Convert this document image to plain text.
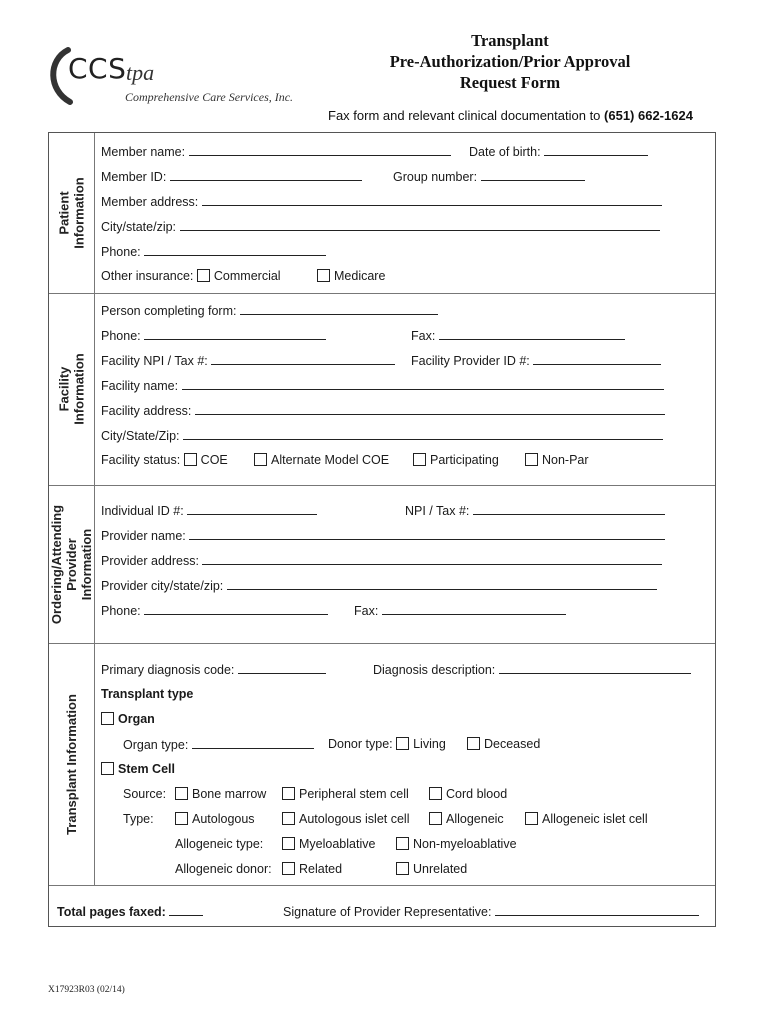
CCS tpa
Comprehensive Care Services, Inc.
Transplant
Pre-Authorization/Prior Approval
Request Form
Fax form and relevant clinical documentation to (651) 662-1624
Patient Information
Facility Information
Ordering/Attending Provider Information
Transplant Information
Member name:	Date of birth:
Member ID:	Group number:
Member address:
City/state/zip:
Phone:
Other insurance: Commercial	Medicare
Person completing form:
Phone:	Fax:
Facility NPI / Tax #:	Facility Provider ID #:
Facility name:
Facility address:
City/State/Zip:
Facility status: COE	Alternate Model COE	Participating	Non-Par
Individual ID #:	NPI / Tax #:
Provider name:
Provider address:
Provider city/state/zip:
Phone:	Fax:
Primary diagnosis code:	Diagnosis description:
Transplant type
Organ
Organ type:	Donor type: Living	Deceased
Stem Cell
Source:	Bone marrow	Peripheral stem cell	Cord blood
Type:	Autologous	Autologous islet cell	Allogeneic	Allogeneic islet cell
Allogeneic type:	Myeloablative	Non-myeloablative
Allogeneic donor:	Related	Unrelated
Total pages faxed:	Signature of Provider Representative:
X17923R03 (02/14)
